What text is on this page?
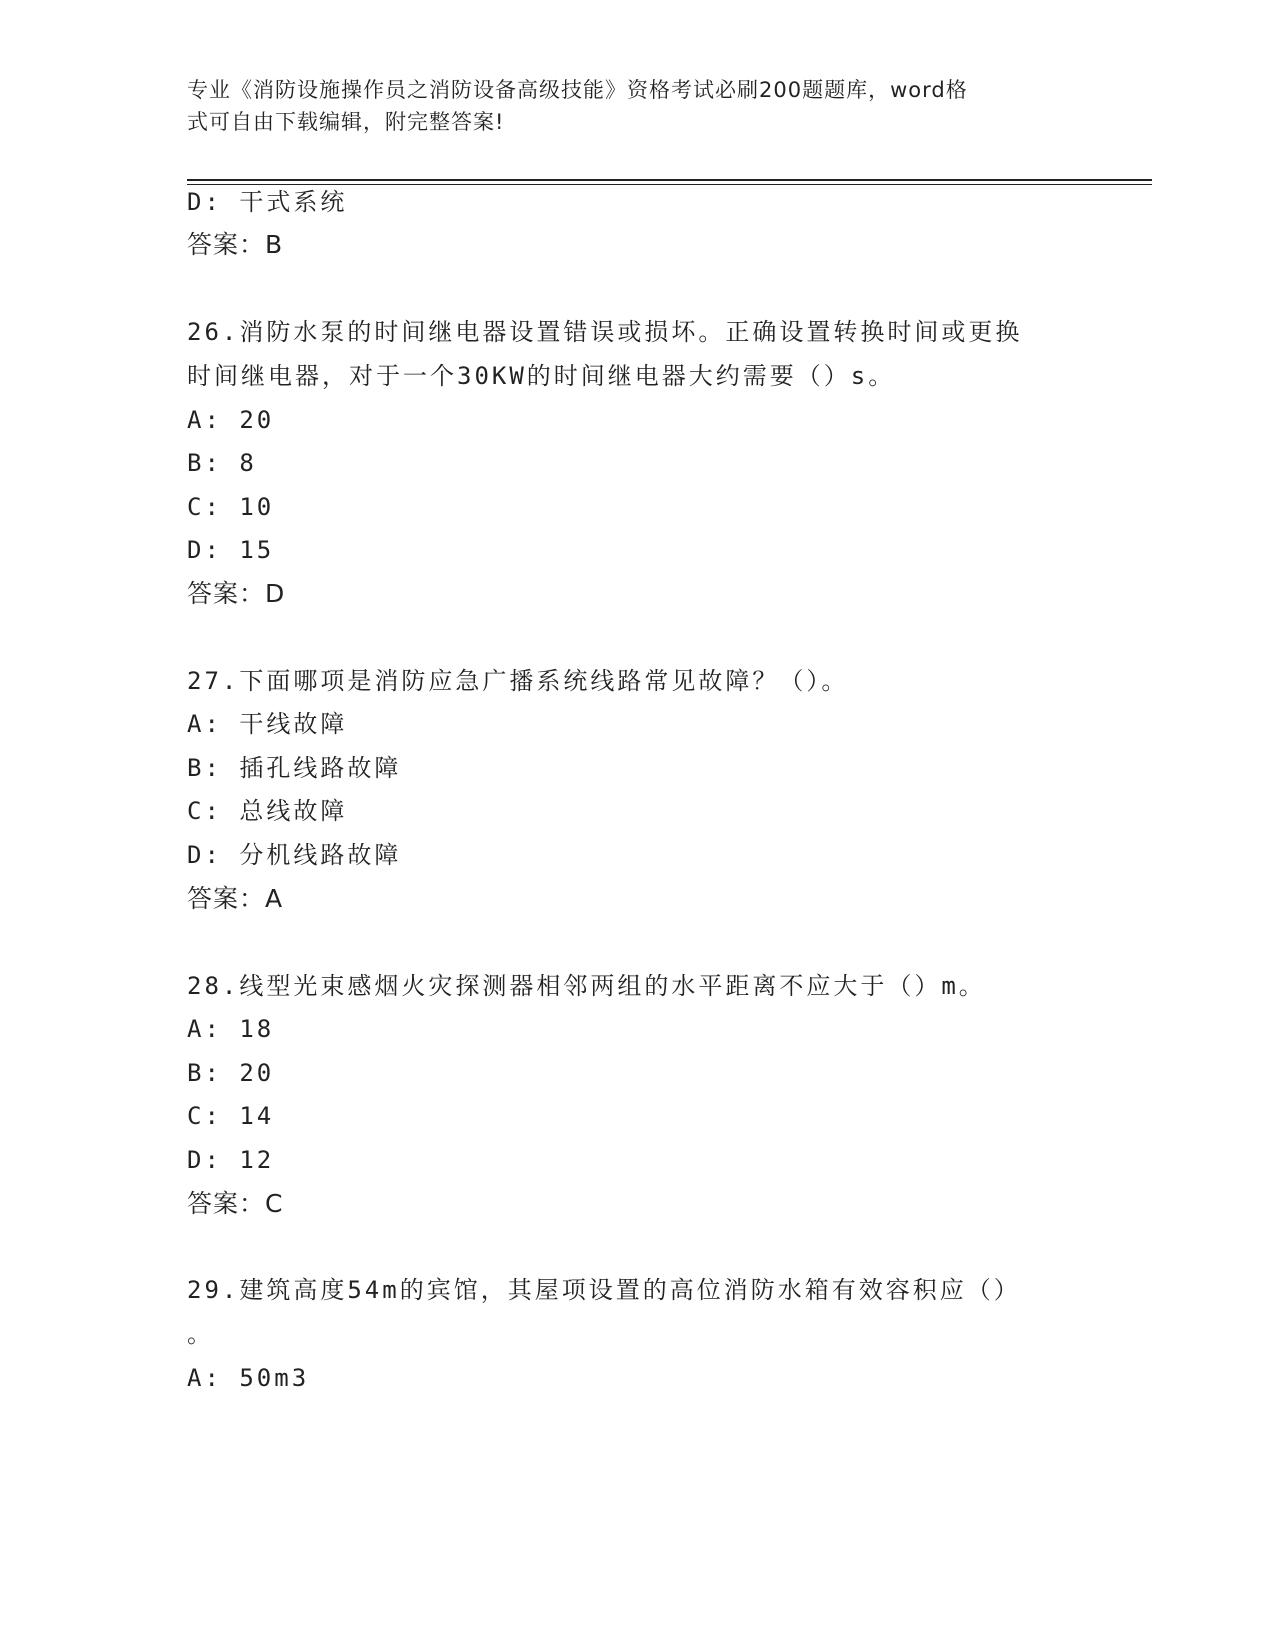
专业《消防设施操作员之消防设备高级技能》资格考试必刷200题题库，word格
式可自由下载编辑，附完整答案!
D: 干式系统
答案：B
26.消防水泵的时间继电器设置错误或损坏。正确设置转换时间或更换
时间继电器，对于一个30KW的时间继电器大约需要（）s。
A: 20
B: 8
C: 10
D: 15
答案：D
27.下面哪项是消防应急广播系统线路常见故障？（）。
A: 干线故障
B: 插孔线路故障
C: 总线故障
D: 分机线路故障
答案：A
28.线型光束感烟火灾探测器相邻两组的水平距离不应大于（）m。
A: 18
B: 20
C: 14
D: 12
答案：C
29.建筑高度54m的宾馆，其屋项设置的高位消防水箱有效容积应（）
。
A: 50m3
